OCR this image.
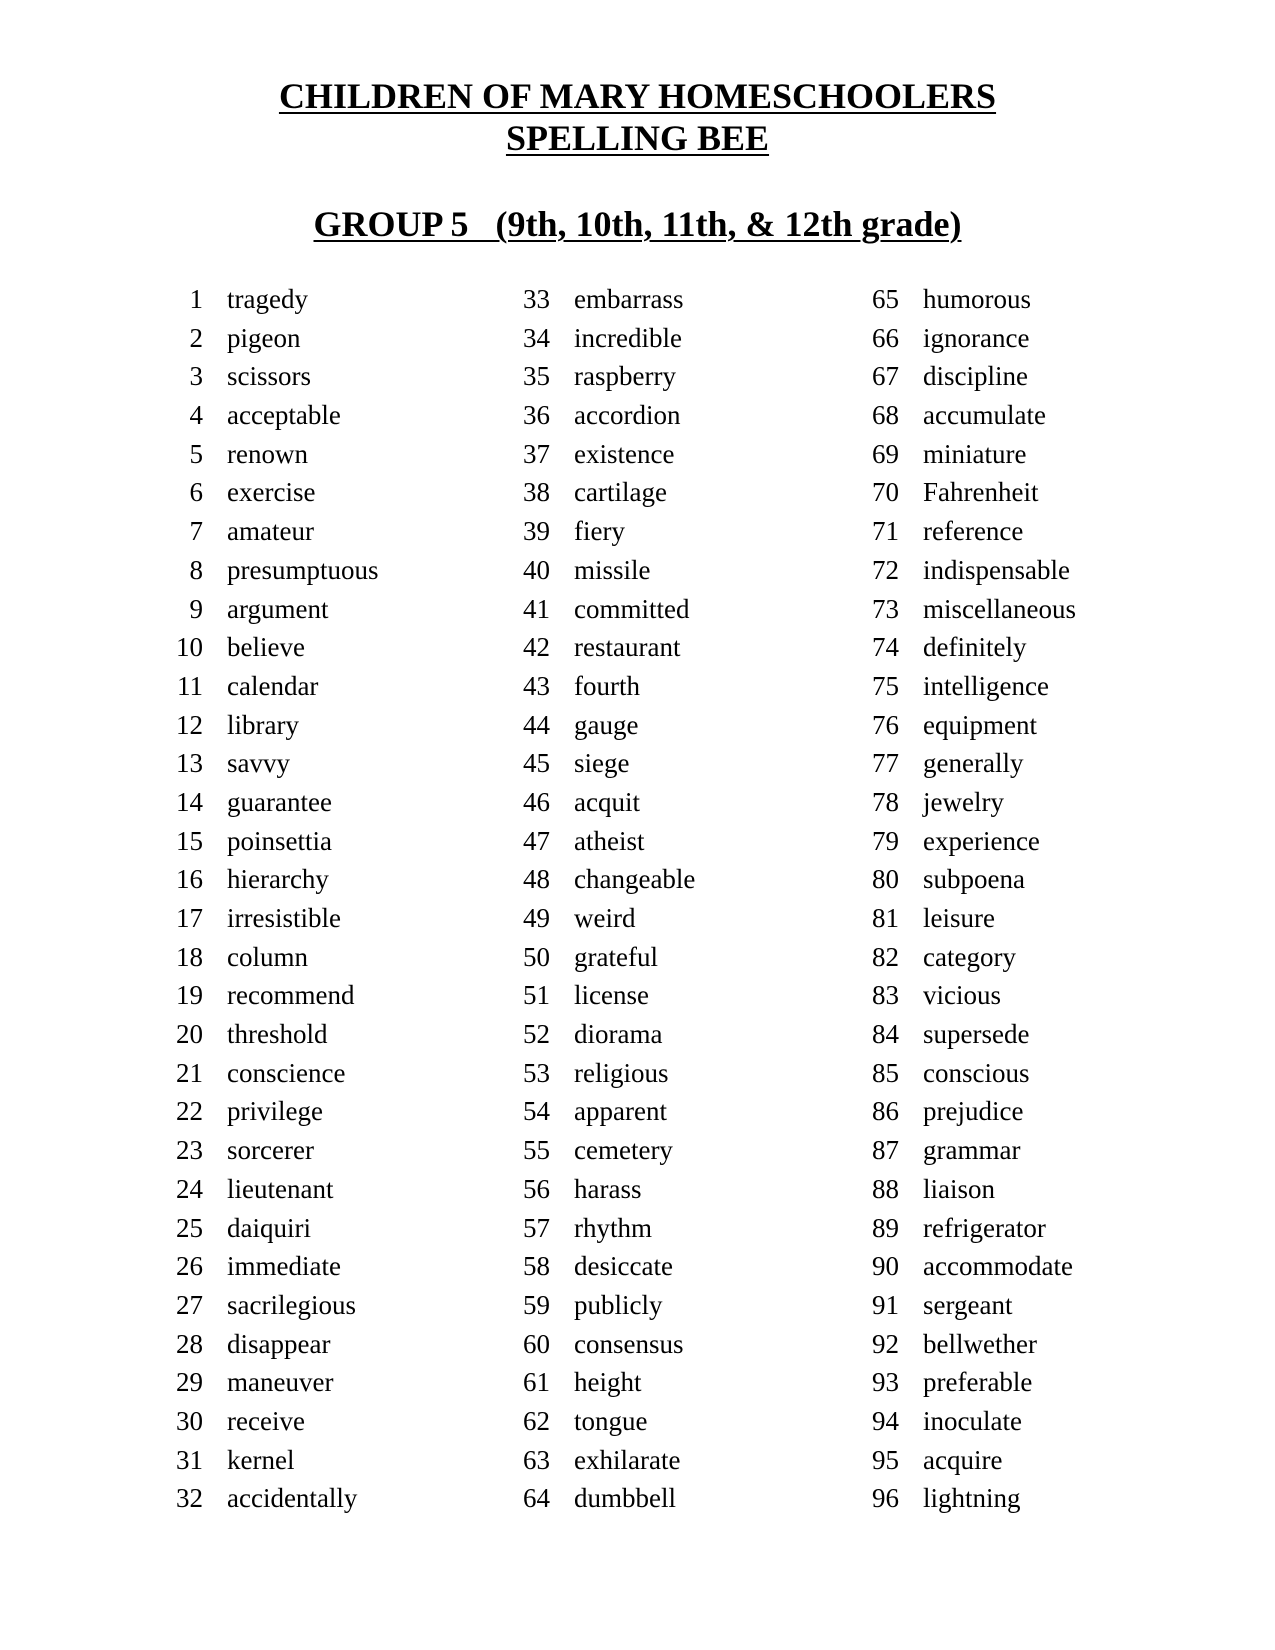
CHILDREN OF MARY HOMESCHOOLERS
SPELLING BEE
GROUP 5   (9th, 10th, 11th, & 12th grade)
1 tragedy
2 pigeon
3 scissors
4 acceptable
5 renown
6 exercise
7 amateur
8 presumptuous
9 argument
10 believe
11 calendar
12 library
13 savvy
14 guarantee
15 poinsettia
16 hierarchy
17 irresistible
18 column
19 recommend
20 threshold
21 conscience
22 privilege
23 sorcerer
24 lieutenant
25 daiquiri
26 immediate
27 sacrilegious
28 disappear
29 maneuver
30 receive
31 kernel
32 accidentally
33 embarrass
34 incredible
35 raspberry
36 accordion
37 existence
38 cartilage
39 fiery
40 missile
41 committed
42 restaurant
43 fourth
44 gauge
45 siege
46 acquit
47 atheist
48 changeable
49 weird
50 grateful
51 license
52 diorama
53 religious
54 apparent
55 cemetery
56 harass
57 rhythm
58 desiccate
59 publicly
60 consensus
61 height
62 tongue
63 exhilarate
64 dumbbell
65 humorous
66 ignorance
67 discipline
68 accumulate
69 miniature
70 Fahrenheit
71 reference
72 indispensable
73 miscellaneous
74 definitely
75 intelligence
76 equipment
77 generally
78 jewelry
79 experience
80 subpoena
81 leisure
82 category
83 vicious
84 supersede
85 conscious
86 prejudice
87 grammar
88 liaison
89 refrigerator
90 accommodate
91 sergeant
92 bellwether
93 preferable
94 inoculate
95 acquire
96 lightning
